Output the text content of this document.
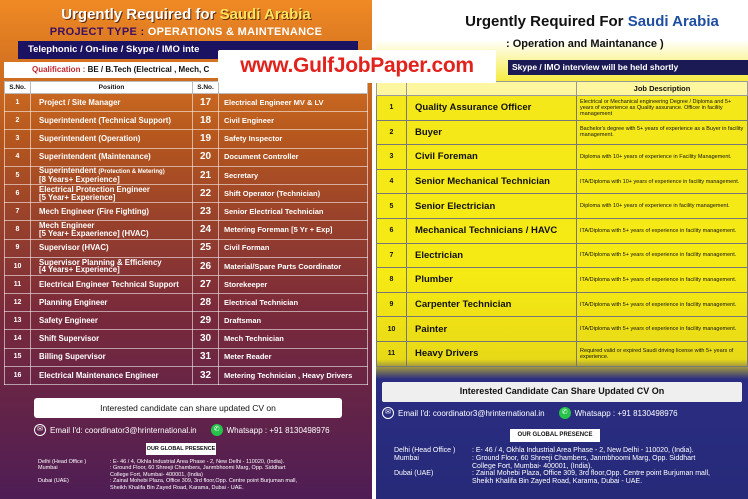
Urgently Required for Saudi Arabia
PROJECT TYPE : OPERATIONS & MAINTENANCE
Telephonic / On-line / Skype / IMO inte
Qualification : BE / B.Tech (Electrical , Mech, C
S.No.	Position	S.No.	
1	Project / Site Manager	17	Electrical Engineer MV & LV
2	Superintendent (Technical Support)	18	Civil Engineer
3	Superintendent (Operation)	19	Safety Inspector
4	Superintendent (Maintenance)	20	Document Controller
5	Superintendent (Protection & Metering)
[8 Years+ Experience]	21	Secretary
6	Electrical Protection Engineer
[5 Year+ Experience]	22	Shift Operator (Technician)
7	Mech Engineer (Fire Fighting)	23	Senior Electrical Technician
8	Mech Engineer
[5 Year+ Expaerience] (HVAC)	24	Metering Foreman [5 Yr + Exp]
9	Supervisor (HVAC)	25	Civil Forman
10	Supervisor Planning & Efficiency
[4 Years+ Experience]	26	Material/Spare Parts Coordinator
11	Electrical Engineer Technical Support	27	Storekeeper
12	Planning Engineer	28	Electrical Technician
13	Safety Engineer	29	Draftsman
14	Shift Supervisor	30	Mech Technician
15	Billing Supervisor	31	Meter Reader
16	Electrical Maintenance Engineer	32	Metering Technician , Heavy Drivers
Interested candidate can share updated CV on
✉ Email I'd: coordinator3@hrinternational.in	✆ Whatsapp : +91 8130498976
OUR GLOBAL PRESENCE
Delhi (Head Office )	: E- 46 / 4, Okhla Industrial Area Phase - 2, New Delhi - 110020, (India).
Mumbai	: Ground Floor, 60 Shreeji Chambers, Janmbhoomi Marg, Opp. Siddhart
College Fort, Mumbai- 400001, (India)
Dubai (UAE)	: Zainal Mohebi Plaza, Office 309, 3rd floor,Opp. Centre point Burjuman mall,
Sheikh Khalifa Bin Zayed Road, Karama, Dubai - UAE.
Urgently Required For Saudi Arabia
: Operation and Maintanance )
Skype / IMO interview will be held shortly
		Job Description
1	Quality Assurance Officer	Electrical or Mechanical engineering Degree / Diploma and 5+ years of experience as Quality assurance. Officer in facility management
2	Buyer	Bachelor's degree with 5+ years of experience as a Buyer in facility management.
3	Civil Foreman	Diploma with 10+ years of experience in Facility Management.
4	Senior Mechanical Technician	ITA/Diploma with 10+ years of experience in facility management.
5	Senior Electrician	Diploma with 10+ years of experience in facility management.
6	Mechanical Technicians / HAVC	ITA/Diploma with 5+ years of experience in facility management.
7	Electrician	ITA/Diploma with 5+ years of experience in facility management.
8	Plumber	ITA/Diploma with 5+ years of experience in facility management.
9	Carpenter Technician	ITA/Diploma with 5+ years of experience in facility management.
10	Painter	ITA/Diploma with 5+ years of experience in facility management.
11	Heavy Drivers	Required valid or expired Saudi driving license with 5+ years of experience.
Interested Candidate Can Share Updated CV On
✉ Email I'd: coordinator3@hrinternational.in	✆ Whatsapp : +91 8130498976
OUR GLOBAL PRESENCE
Delhi (Head Office )	: E- 46 / 4, Okhla Industrial Area Phase - 2, New Delhi - 110020, (India).
Mumbai	: Ground Floor, 60 Shreeji Chambers, Janmbhoomi Marg, Opp. Siddhart
College Fort, Mumbai- 400001, (India).
Dubai (UAE)	: Zainal Mohebi Plaza, Office 309, 3rd floor,Opp. Centre point Burjuman mall,
Sheikh Khalifa Bin Zayed Road, Karama, Dubai - UAE.
www.GulfJobPaper.com
